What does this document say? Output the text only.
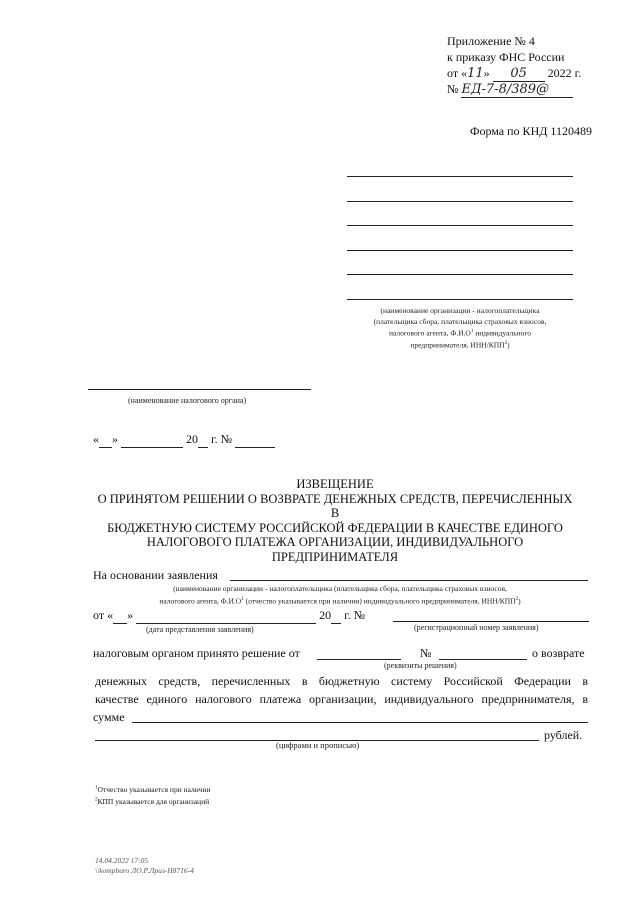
Приложение № 4
к приказу ФНС России
от «11» 05 2022 г.
№ ЕД-7-8/389@
Форма по КНД 1120489
(наименование организации - налогоплательщика
(плательщика сбора, плательщика страховых взносов,
налогового агента, $Ф.И.О^1$ индивидуального
предпринимателя, ИНН/КПП$^2$)
(наименование налогового органа)
« »	20 г. №
ИЗВЕЩЕНИЕ
О ПРИНЯТОМ РЕШЕНИИ О ВОЗВРАТЕ ДЕНЕЖНЫХ СРЕДСТВ, ПЕРЕЧИСЛЕННЫХ В
БЮДЖЕТНУЮ СИСТЕМУ РОССИЙСКОЙ ФЕДЕРАЦИИ В КАЧЕСТВЕ ЕДИНОГО
НАЛОГОВОГО ПЛАТЕЖА ОРГАНИЗАЦИИ, ИНДИВИДУАЛЬНОГО
ПРЕДПРИНИМАТЕЛЯ
На основании заявления
(наименование организации - налогоплательщика (плательщика сбора, плательщика страховых взносов,
налогового агента, $Ф.И.О^1$ (отчество указывается при наличии) индивидуального предпринимателя, ИНН/КПП$^2$)
от « »	20 г. №
(дата представления заявления)	(регистрационный номер заявления)
налоговым органом принято решение от	№	о возврате
(реквизиты решения)
денежных средств, перечисленных в бюджетную систему Российской Федерации в
качестве единого налогового платежа организации, индивидуального предпринимателя, в
сумме
рублей.
(цифрами и прописью)
$^1$Отчество указывается при наличии
$^2$КПП указывается для организаций
14.04.2022 17:05
\\kompburo ЛО.Р.Лриз-Н8716-4
